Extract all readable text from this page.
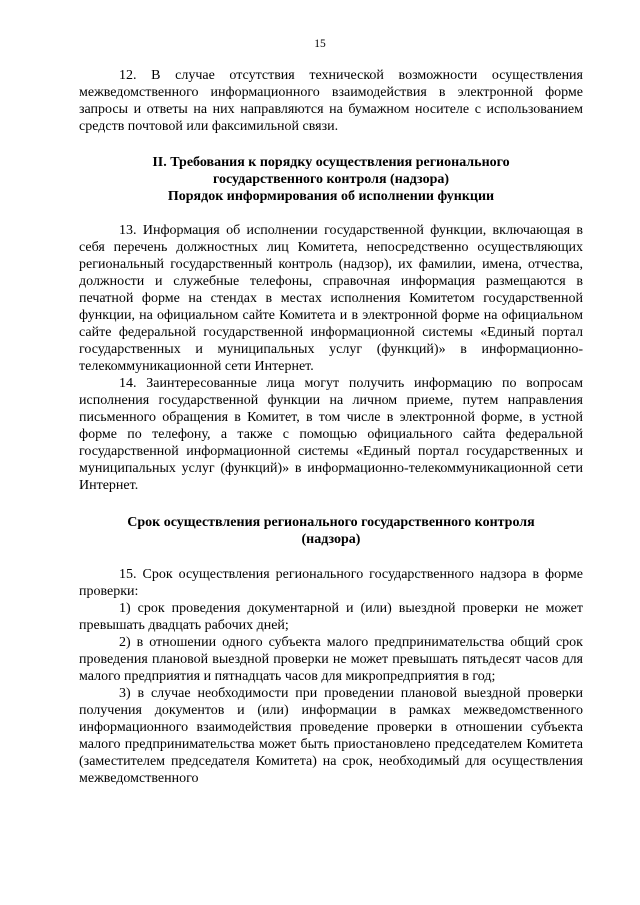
15

12. В случае отсутствия технической возможности осуществления межведомственного информационного взаимодействия в электронной форме запросы и ответы на них направляются на бумажном носителе с использованием средств почтовой или факсимильной связи.

II. Требования к порядку осуществления регионального
государственного контроля (надзора)
Порядок информирования об исполнении функции

13. Информация об исполнении государственной функции, включающая в себя перечень должностных лиц Комитета, непосредственно осуществляющих региональный государственный контроль (надзор), их фамилии, имена, отчества, должности и служебные телефоны, справочная информация размещаются в печатной форме на стендах в местах исполнения Комитетом государственной функции, на официальном сайте Комитета и в электронной форме на официальном сайте федеральной государственной информационной системы «Единый портал государственных и муниципальных услуг (функций)» в информационно-телекоммуникационной сети Интернет.

14. Заинтересованные лица могут получить информацию по вопросам исполнения государственной функции на личном приеме, путем направления письменного обращения в Комитет, в том числе в электронной форме, в устной форме по телефону, а также с помощью официального сайта федеральной государственной информационной системы «Единый портал государственных и муниципальных услуг (функций)» в информационно-телекоммуникационной сети Интернет.

Срок осуществления регионального государственного контроля
(надзора)

15. Срок осуществления регионального государственного надзора в форме проверки:

1) срок проведения документарной и (или) выездной проверки не может превышать двадцать рабочих дней;

2) в отношении одного субъекта малого предпринимательства общий срок проведения плановой выездной проверки не может превышать пятьдесят часов для малого предприятия и пятнадцать часов для микропредприятия в год;

3) в случае необходимости при проведении плановой выездной проверки получения документов и (или) информации в рамках межведомственного информационного взаимодействия проведение проверки в отношении субъекта малого предпринимательства может быть приостановлено председателем Комитета (заместителем председателя Комитета) на срок, необходимый для осуществления межведомственного
